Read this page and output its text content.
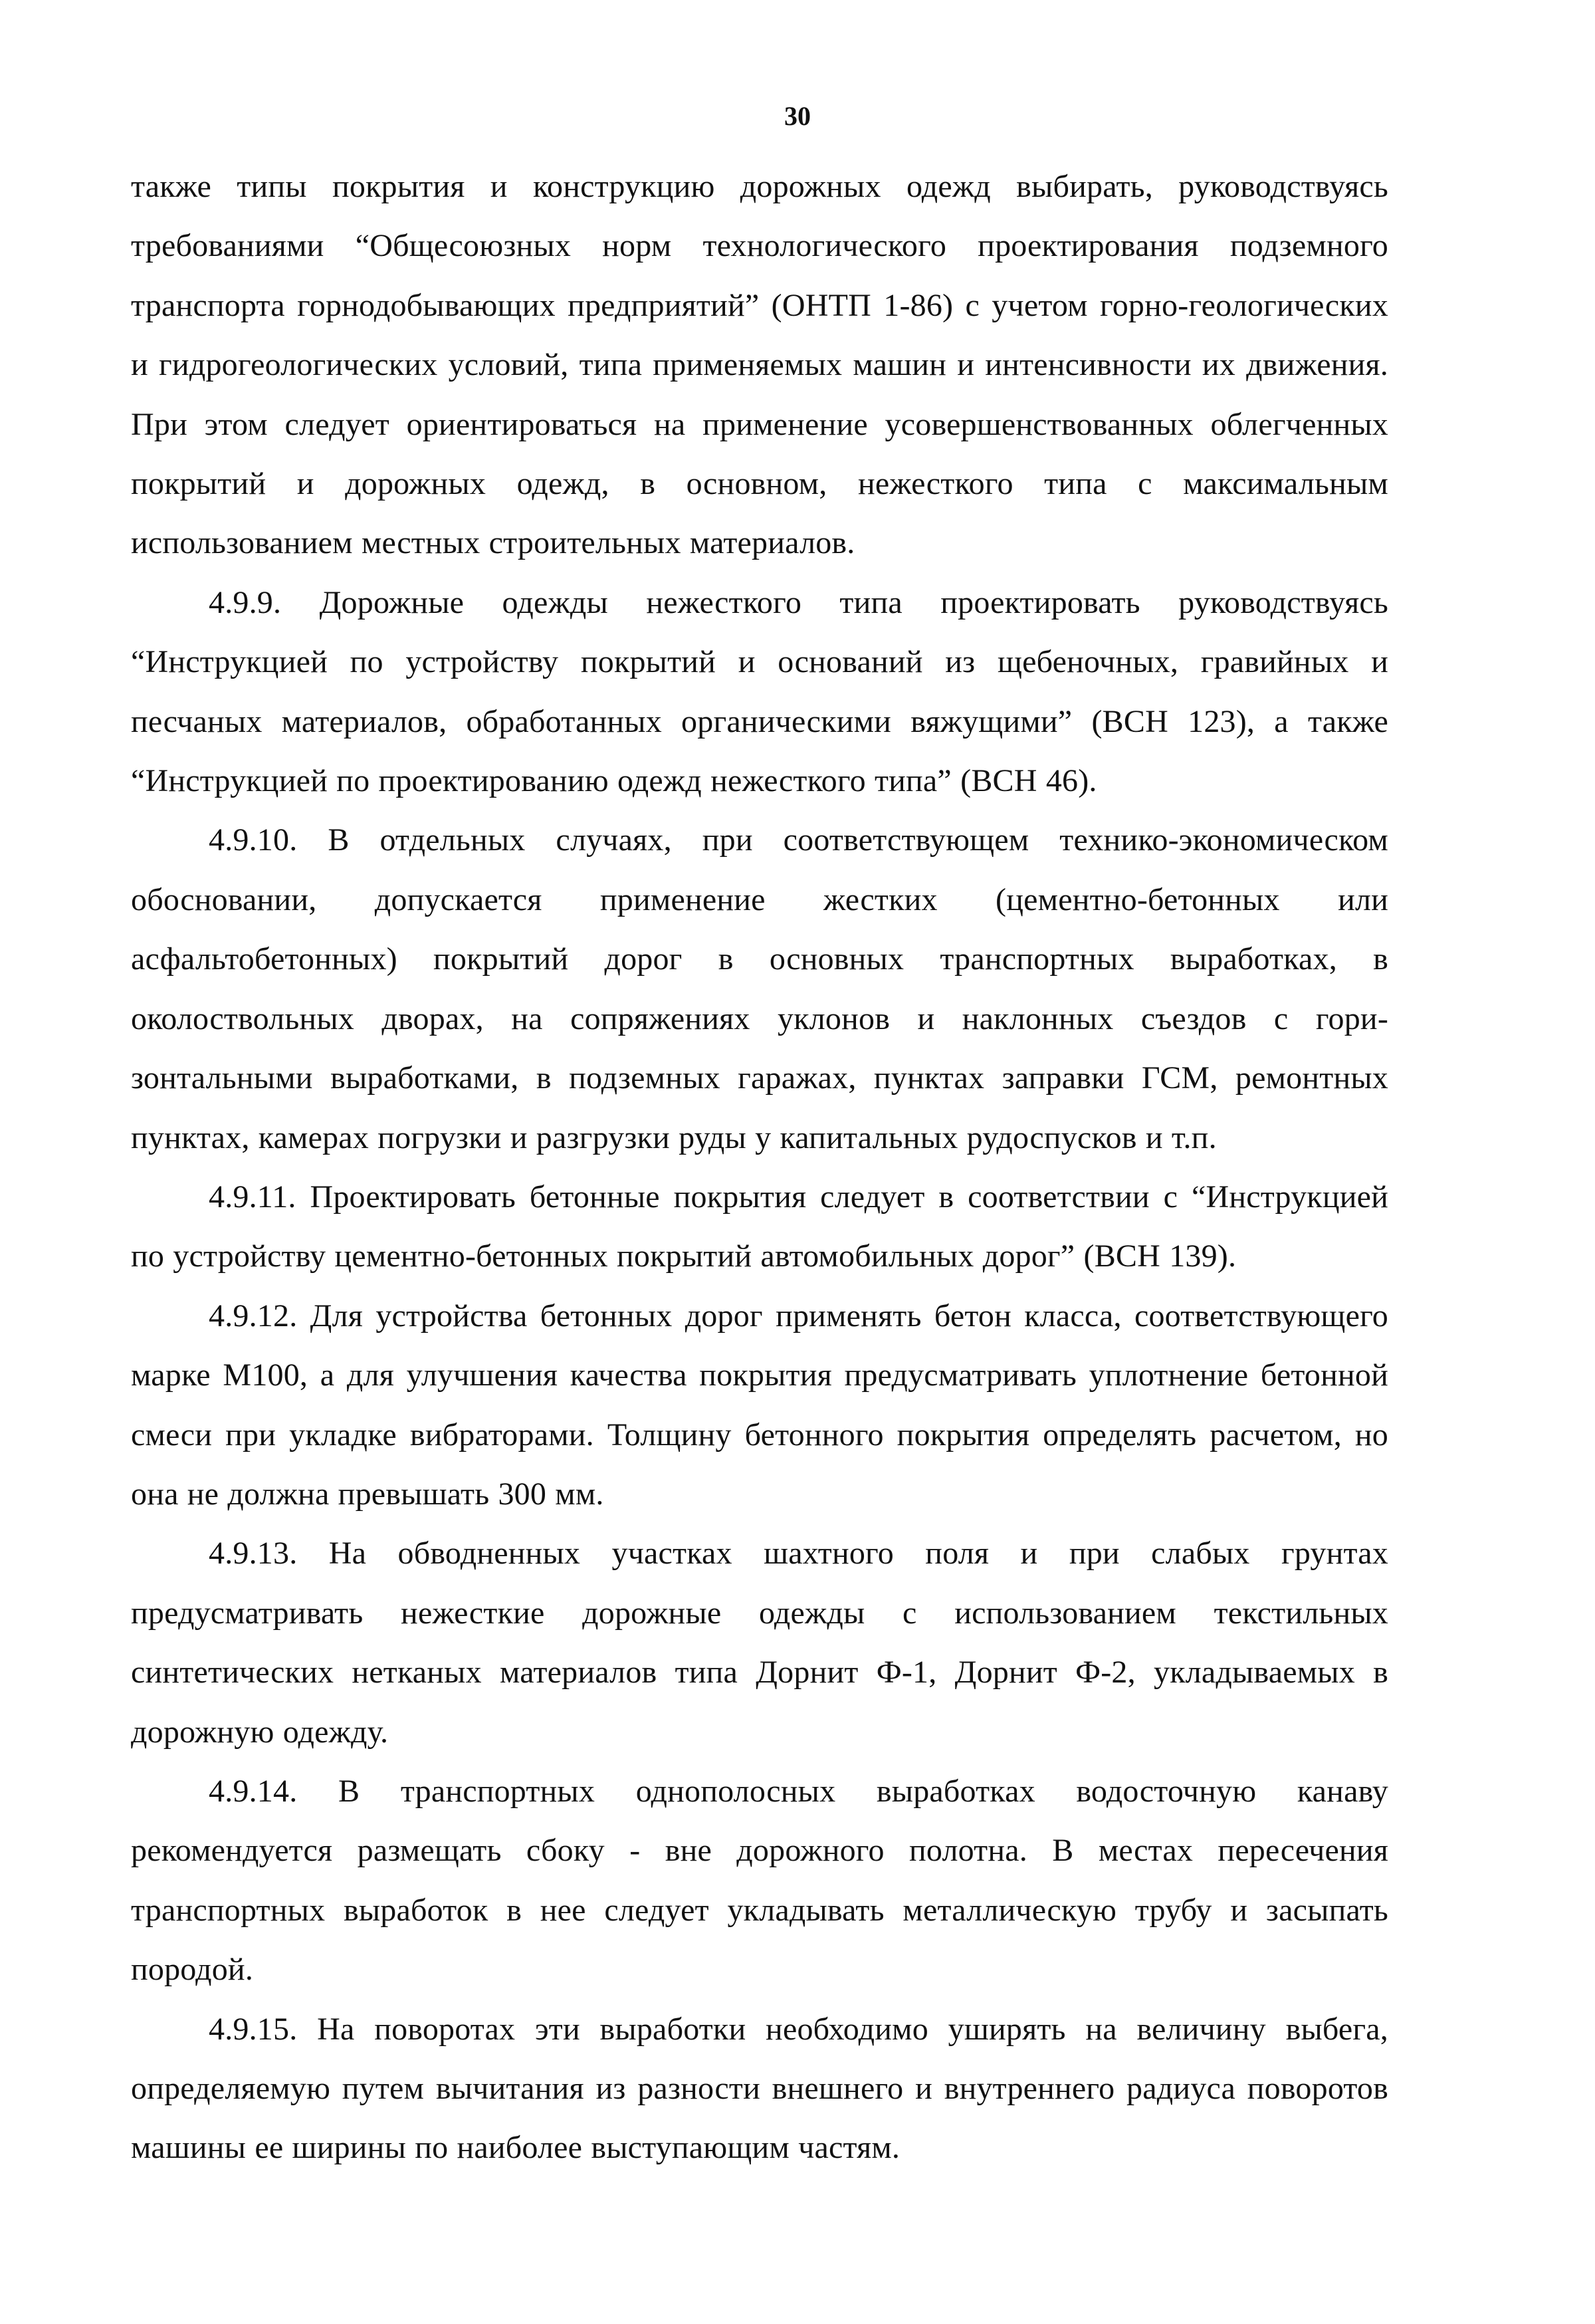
30

также типы покрытия и конструкцию дорожных одежд выбирать, руководствуясь требованиями “Общесоюзных норм технологического проектирования подземного транспорта горнодобывающих предприятий” (ОНТП 1-86) с учетом горно-геологических и гидрогеологических условий, типа применяемых машин и интенсивности их движения. При этом следует ориентироваться на применение усовершенствованных облегченных покрытий и дорожных одежд, в основном, нежесткого типа с максимальным использованием местных строительных материалов.

4.9.9. Дорожные одежды нежесткого типа проектировать руководствуясь “Инструкцией по устройству покрытий и оснований из щебеночных, гравийных и песчаных материалов, обработанных органическими вяжущими” (ВСН 123), а также “Инструкцией по проектированию одежд нежесткого типа” (ВСН 46).

4.9.10. В отдельных случаях, при соответствующем технико-экономическом обосновании, допускается применение жестких (цементно-бетонных или асфальтобетонных) покрытий дорог в основных транспортных выработках, в околоствольных дворах, на сопряжениях уклонов и наклонных съездов с гори-зонтальными выработками, в подземных гаражах, пунктах заправки ГСМ, ремонтных пунктах, камерах погрузки и разгрузки руды у капитальных рудоспусков и т.п.

4.9.11. Проектировать бетонные покрытия следует в соответствии с “Инструкцией по устройству цементно-бетонных покрытий автомобильных дорог” (ВСН 139).

4.9.12. Для устройства бетонных дорог применять бетон класса, соответствующего марке М100, а для улучшения качества покрытия предусматривать уплотнение бетонной смеси при укладке вибраторами. Толщину бетонного покрытия определять расчетом, но она не должна превышать 300 мм.

4.9.13. На обводненных участках шахтного поля и при слабых грунтах предусматривать нежесткие дорожные одежды с использованием текстильных синтетических нетканых материалов типа Дорнит Ф-1, Дорнит Ф-2, укладываемых в дорожную одежду.

4.9.14. В транспортных однополосных выработках водосточную канаву рекомендуется размещать сбоку - вне дорожного полотна. В местах пересечения транспортных выработок в нее следует укладывать металлическую трубу и засыпать породой.

4.9.15. На поворотах эти выработки необходимо уширять на величину выбега, определяемую путем вычитания из разности внешнего и внутреннего радиуса поворотов машины ее ширины по наиболее выступающим частям.
